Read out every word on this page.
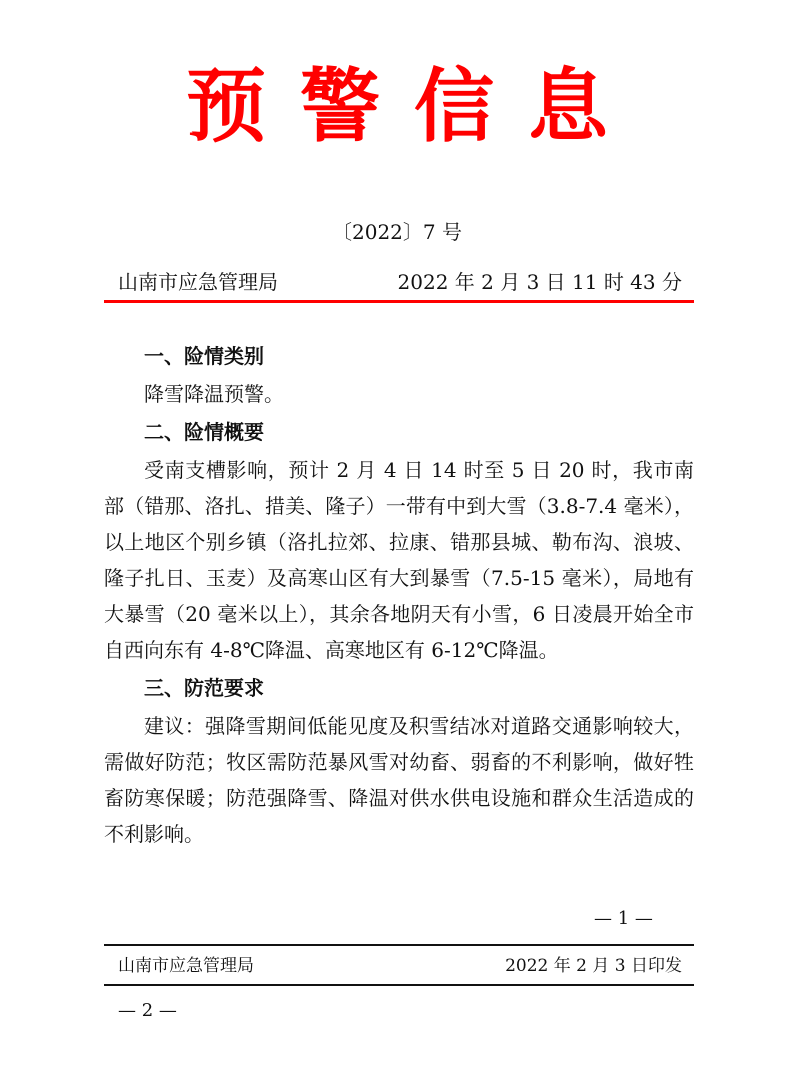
预警信息
〔2022〕7 号
山南市应急管理局	2022 年 2 月 3 日 11 时 43 分
一、险情类别

降雪降温预警。

二、险情概要

受南支槽影响，预计 2 月 4 日 14 时至 5 日 20 时，我市南部（错那、洛扎、措美、隆子）一带有中到大雪（3.8-7.4 毫米），以上地区个别乡镇（洛扎拉郊、拉康、错那县城、勒布沟、浪坡、隆子扎日、玉麦）及高寒山区有大到暴雪（7.5-15 毫米），局地有大暴雪（20 毫米以上），其余各地阴天有小雪，6 日凌晨开始全市自西向东有 4-8℃降温、高寒地区有 6-12℃降温。

三、防范要求

建议：强降雪期间低能见度及积雪结冰对道路交通影响较大，需做好防范；牧区需防范暴风雪对幼畜、弱畜的不利影响，做好牲畜防寒保暖；防范强降雪、降温对供水供电设施和群众生活造成的不利影响。

— 1 —
山南市应急管理局	2022 年 2 月 3 日印发
— 2 —
